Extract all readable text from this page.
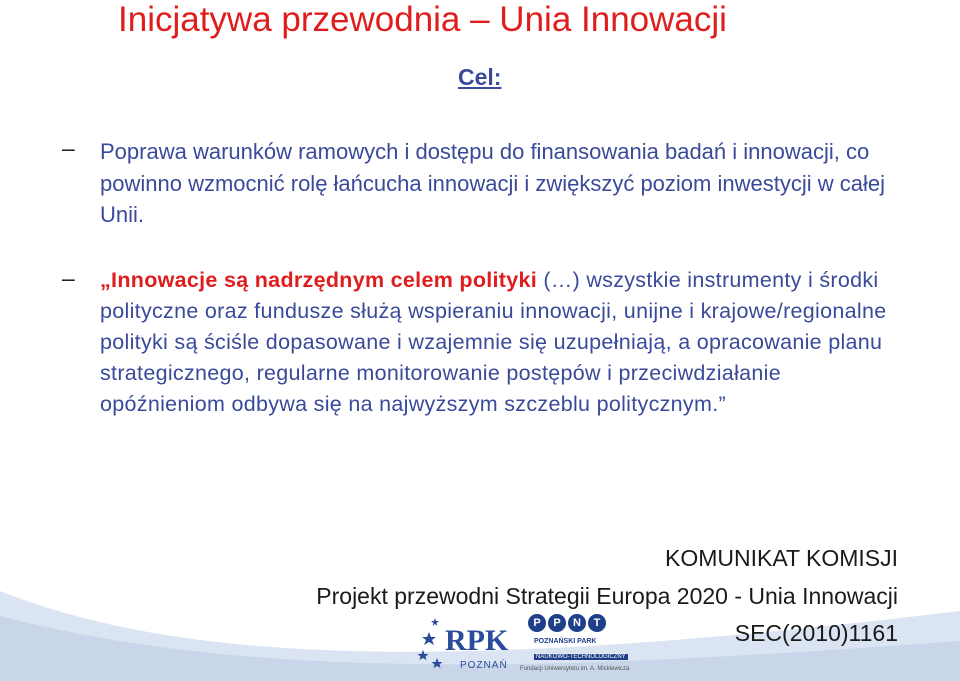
Inicjatywa przewodnia – Unia Innowacji
Cel:
– Poprawa warunków ramowych i dostępu do finansowania badań i innowacji, co powinno wzmocnić rolę łańcucha innowacji i zwiększyć poziom inwestycji w całej Unii.
– „Innowacje są nadrzędnym celem polityki (…) wszystkie instrumenty i środki polityczne oraz fundusze służą wspieraniu innowacji, unijne i krajowe/regionalne polityki są ściśle dopasowane i wzajemnie się uzupełniają, a opracowanie planu strategicznego, regularne monitorowanie postępów i przeciwdziałanie opóźnieniom odbywa się na najwyższym szczeblu politycznym.”
KOMUNIKAT KOMISJI
Projekt przewodni Strategii Europa 2020 - Unia Innowacji
SEC(2010)1161
RPK
POZNAŃ
P	P	N	T
POZNAŃSKI PARK
NAUKOWO-TECHNOLOGICZNY
Fundacji Uniwersytetu im. A. Mickiewicza
